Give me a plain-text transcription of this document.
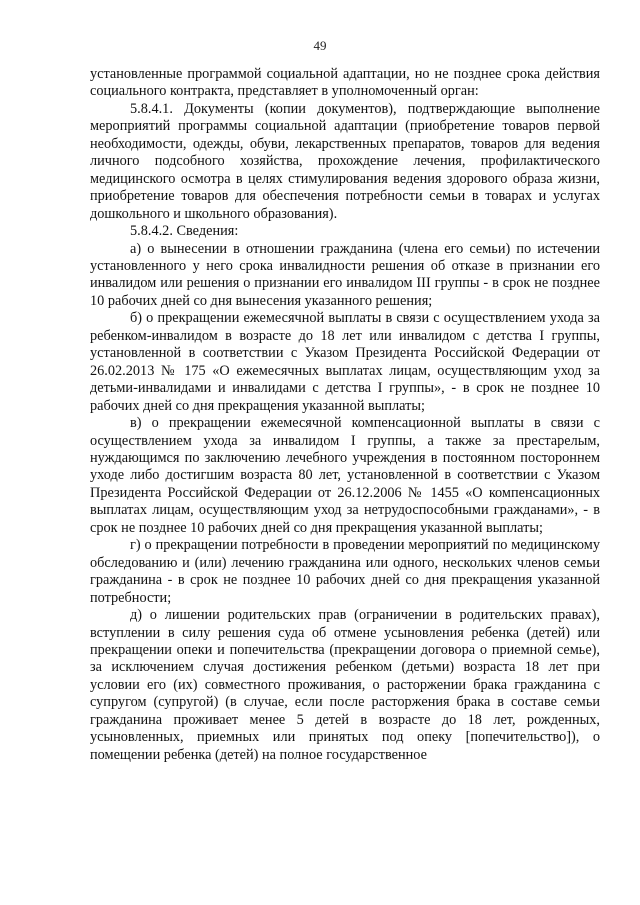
49

установленные программой социальной адаптации, но не позднее срока действия социального контракта, представляет в уполномоченный орган:

5.8.4.1. Документы (копии документов), подтверждающие выполнение мероприятий программы социальной адаптации (приобретение товаров первой необходимости, одежды, обуви, лекарственных препаратов, товаров для ведения личного подсобного хозяйства, прохождение лечения, профилактического медицинского осмотра в целях стимулирования ведения здорового образа жизни, приобретение товаров для обеспечения потребности семьи в товарах и услугах дошкольного и школьного образования).

5.8.4.2. Сведения:

а) о вынесении в отношении гражданина (члена его семьи) по истечении установленного у него срока инвалидности решения об отказе в признании его инвалидом или решения о признании его инвалидом III группы - в срок не позднее 10 рабочих дней со дня вынесения указанного решения;

б) о прекращении ежемесячной выплаты в связи с осуществлением ухода за ребенком-инвалидом в возрасте до 18 лет или инвалидом с детства I группы, установленной в соответствии с Указом Президента Российской Федерации от 26.02.2013 № 175 «О ежемесячных выплатах лицам, осуществляющим уход за детьми-инвалидами и инвалидами с детства I группы», - в срок не позднее 10 рабочих дней со дня прекращения указанной выплаты;

в) о прекращении ежемесячной компенсационной выплаты в связи с осуществлением ухода за инвалидом I группы, а также за престарелым, нуждающимся по заключению лечебного учреждения в постоянном постороннем уходе либо достигшим возраста 80 лет, установленной в соответствии с Указом Президента Российской Федерации от 26.12.2006 № 1455 «О компенсационных выплатах лицам, осуществляющим уход за нетрудоспособными гражданами», - в срок не позднее 10 рабочих дней со дня прекращения указанной выплаты;

г) о прекращении потребности в проведении мероприятий по медицинскому обследованию и (или) лечению гражданина или одного, нескольких членов семьи гражданина - в срок не позднее 10 рабочих дней со дня прекращения указанной потребности;

д) о лишении родительских прав (ограничении в родительских правах), вступлении в силу решения суда об отмене усыновления ребенка (детей) или прекращении опеки и попечительства (прекращении договора о приемной семье), за исключением случая достижения ребенком (детьми) возраста 18 лет при условии его (их) совместного проживания, о расторжении брака гражданина с супругом (супругой) (в случае, если после расторжения брака в составе семьи гражданина проживает менее 5 детей в возрасте до 18 лет, рожденных, усыновленных, приемных или принятых под опеку [попечительство]), о помещении ребенка (детей) на полное государственное
